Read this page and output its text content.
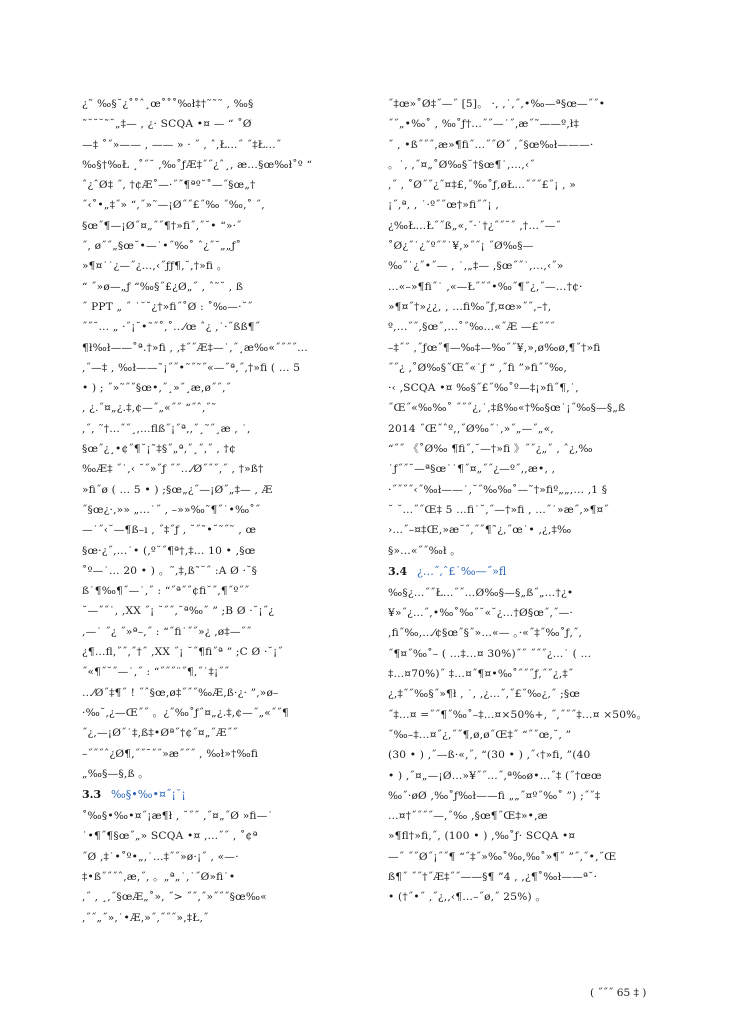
¿˜ ‰§˘¿˚˚ˆ¸œ˚˚˚‰ł‡†˜˜˜ , ‰§
˜˘˘˘˜˘„‡— , ¿· SCQA •¤ — “ ˚Ø
—‡ ˚˝»—— , —— » · ˝ , ˆ,Ł…˝ ˝‡Ł…˝
‰§†‰Ł ¸˚˝˘ ,‰˚ƒÆ‡˝˝¿ˆ¸, æ…§œ‰ł˚º “
ˆ¿ˆØ‡ ˝, †¢Æ˚—·˝˝¶ªº˘˚—˝§œ„†
˝‹˚•„‡˝» “,˝»˜—¡Ø˝˝£˝‰ ˝‰,˚ ˝,
§œ˝¶—¡Ø˝¤„˝˝¶†»ﬁ˝,˝˘• “»·˝
˝, ø˝˝„§œ˘•—˙•˝‰˚ ˆ¿˝˘„„ƒ˚
»¶¤˙˙¿—˝¿…,‹˝ƒƒ¶‚˘,†»ﬁ 。
“ ˝»ø—„ƒ “‰§˝£¿Ø„˝ , ˆ˜˘ , ß
˝ PPT „ ˝ ˙˘˘¿†»ﬁ˝˚Ø : ˚‰—·˘˝
˝˝˘… „ ·˝¡˘•˜˝˚,˚…⁄œ ˆ¿ ,˙·˝ßß¶˝
¶ł‰ł——˚ª.†»ﬁ , ‚‡˝˝Æ‡—˙,˝¸æ‰«˝˝˝˝…
,˝—‡ , ‰ł——˜¡˝˝•˜˝˜˝«—˝ª,˝‚†»ﬁ ( … 5
• ) ; ˝»˜˝˝§œ•,˝¸»˝¸æ,ø˝˝,˝
, ¿.˝¤„¿.‡,¢—˝„«˝˝ “˝ˆ,˝˜
,˝, ˜†…˝˝¸,…ﬂß˝¡˝ª‚,˝¸˜˝¸æ , ˙,
§œ˝¿¸•¢˝¶˘¡˜‡§˝„ª,˝¸˝‚˝ , †¢
‰Æ‡ ˝˙,‹ ˘˝»˝ƒ ˝˝…⁄Ø˝˝˝,˝ , †»ß†
»ﬁ˝ø ( … 5 • ) ;§œ„¿˝—¡Ø˝„‡— , Æ
˝§œ¿·,»» „…˙˝ , –»»‰˜¶˝˙•‰˚˝
—˙˝‹˘—¶ß–ı , ˝‡˝ƒ , ˘˝˜•˘˜˝˜ , œ
§œ·¿˝,…˙• (,º˘˝¶ª†,‡… 10 • ,§œ
˚º—˙… 20 • ) 。˜,‡,ß˜˘˝ :A Ø ·˘§
ß˙¶‰¶˝—˙,˝ : “˝ª˝˝¢ﬁ˘˝,¶˝º˝˝
˘—˝˝˙, ,XX ˝¡ ˘˝˝,˘ª‰˝ ” ;B Ø ·˘¡˝¿
,—˙ ˝¿ ˝»ª–,˝ : “˝ﬁ˙˝˝»¿ ,ø‡—˝˝
¿¶…ﬂ,˝˝,˝†˝ ,XX ˝¡ ˘˝¶ﬁ˝ª ” ;C Ø ·˘¡˝
˝«¶˝˘˝—˙,˝ : “˝˝˝¨˝¶,˝˙‡¡˝˝
…⁄Ø˝‡¶˝ ! ˝ˆ§œ,ø‡˝˝˝‰Æ,ß·¿· ”,»ø–
·‰˘,¿—Œ˝˝ 。¿˝‰˚ƒ˝¤„¿.‡,¢—˝„«˝˝¶
˝¿,—¡Ø˝˙‡,ß‡•Øª˝†¢˝¤„˝Æ˝˝
–˝˝˝ˆ¿Ø¶,˝˝¯˝˝»æ˝˝˝ , ‰ł»†‰ﬁ
„‰§—§,ß 。
3.3 ‰§•‰•¤˝¡˘¡
˚‰§•‰•¤˝¡æ¶ł , ˘˝˝ ,˝¤„˝Ø »ﬁ—˙
˙•¶˝¶§œ˝„» SCQA •¤ ,…˝˝ , ˚¢ª
˝Ø ,‡˙•˚º•„,˙…‡˝˝»ø·¡˝ , «—·
‡•ß˝˝˝ˆ,æ,˝, 。„ª„˙,˙˝Ø»ﬁ˙•
,˝ , ¸,˝§œÆ„˚», ˝> ˝˝,˝»˝˝˝§œ‰«
,˝˝„˝»,˙•Æ,»˝,˝˝˝»,‡Ł,˝
˝‡œ»˚Ø‡˝—˝ [5]。 ·, ,˙,˝,•‰—ª§œ—˝˝•
˝˝„•‰˚ , ‰˚ƒ†…˝˝—˙˝,æ˝˜——º,ł‡
˝ , •ß˝˝˝,æ»¶ﬁ˝…˝˝Ø˝ ,˝§œ‰ł———·
。˙, ,˝¤„˚Ø‰§˘†§œ¶˙,…,‹˝
,˝ , ˚Ø˝˝¿˝¤‡£,˝‰˚ƒ,øŁ…˝˝˝£˝¡ , »
¡˝,ª, , ˙·º˝˝œ†»ﬁ˝˝¡ ,
¿‰Ł…Ł˝˝ß„«,˝·˙†¿˝˝˘˝ ,†…˝—˝
˚Ø¿˝˙¿˝º˝˝˙¥,»˝˝¡ ˝Ø‰§—
‰˝˙¿˝•˝— , ˙,„‡— ,§œ˝˝˙,…,‹˝»
…«–»¶ﬁ˝˙ ,«—Ł˝˝˝•‰˝¶˝¿‚˝—…†¢·
»¶¤˝†»¿¿, , …ﬁ‰˝ƒ,¤œ»˝˝,–†,
º,…˝˝,§œ˝‚…˚˝‰…«˝Æ —£˝˝˝
–‡˝˝ ,˝ƒœ˝¶—‰‡—‰˝˝¥,»,ø‰ø,¶˝†»ﬁ
˝˝¿ ,˚Ø‰§˝Œ˝«˙ƒ “ ,˝ﬁ ”»ﬁ˝˝‰,
·‹ ,SCQA •¤ ‰§˝£˝‰˚º—‡¡»ﬁ˝¶,˙,
˝Œ˝«‰‰˚ ˝˝˝¿,˙,‡ß‰«†‰§œ˙¡˝‰§—§„ß
2014 ˝Œ˝ˆº,,˝Ø‰˝˙,»˝„—˝„«,
“˝˝ 《˚Ø‰ ¶ﬁ˝,˘—†»ﬁ 》˝˝¿„˝ , ˆ¿,‰
˙ƒ˝˝˘—ª§œ˙˙¶˝¤„˝˝¿—º˝,,æ•, ,
·˝˝˝˝‹˝‰ł——˙,˘˝‰‰˚—˜†»ﬁº„„,… ,1 §
˘ ˘…˝˝Œ‡ 5 …ﬁ˙˘,˝—†»ﬁ , …˝˙»æ˝,»¶¤˝
›…˝–¤‡Œ,»æ˘˝,˝˝¶˜¿,˝œ˙• ,¿,‡‰
§»…«˝˝‰ł 。
3.4 ¿…˝,ˆ£˙‰—˝»ﬂ
‰§¿…˝˝Ł…˝˝…Ø‰§—§„ß˝„…†¿•
¥»˝¿…˝,•‰˚‰˝˘«˘¿…†Ø§œ˝,˝—·
,ﬁ˝‰,…⁄¢§œ˝§˝»…«— 。·«˝‡˝‰˚ƒ,˝,
˝¶¤˝‰˚– ( …‡…¤ 30%)˝˝ ˝˝˝¿…˙ ( …
‡…¤70%)˝ ‡…¤˝¶¤•‰˚˝˝˝ƒ,˝˝¿‚‡˝
¿‚‡˝˝‰§˝»¶ł , ˙, ,¿…˝,˝£˝‰¿,˝ ;§œ
˝‡…¤ =˝˝¶˝‰˚–‡…¤×50%+, ˝,˝˝˝‡…¤ ×50%。
˝‰–‡…¤˝¿,˝˝¶,ø,ø˝Œ‡˝ “˝˝œ,˘, ”
(30 • ) ,˝—ß·«,˝, “(30 • ) ,˝‹†»ﬁ, ”(40
• ) ,˝¤„—¡Ø…»¥˝˝…˝,ª‰ø•…˝‡ (˝†œœ
‰˝·øØ ,‰˚ƒ‰ł——ﬁ „„˝¤º˝‰˚ ”) ;˝˝‡
…¤†˝˝˝˝—,˝‰ ,§œ¶˝Œ‡»•,æ
»¶ﬂ†»ﬁ,˝, (100 • ) ,‰˚ƒ· SCQA •¤
—˝ ˝˝Ø˝¡˝˝¶ “˝‡˝»‰˚‰,‰˚»¶˝ ”˝,˝•,˝Œ
ß¶˝ ˝˝†˝Æ‡˝˝——§¶ ”4 , ,¿¶˚‰ł——ª˘·
• (†˝•˝ ,˝¿,,‹¶…–˝ø,˝ 25%) 。
( ˝˝˝ 65 ‡ )
